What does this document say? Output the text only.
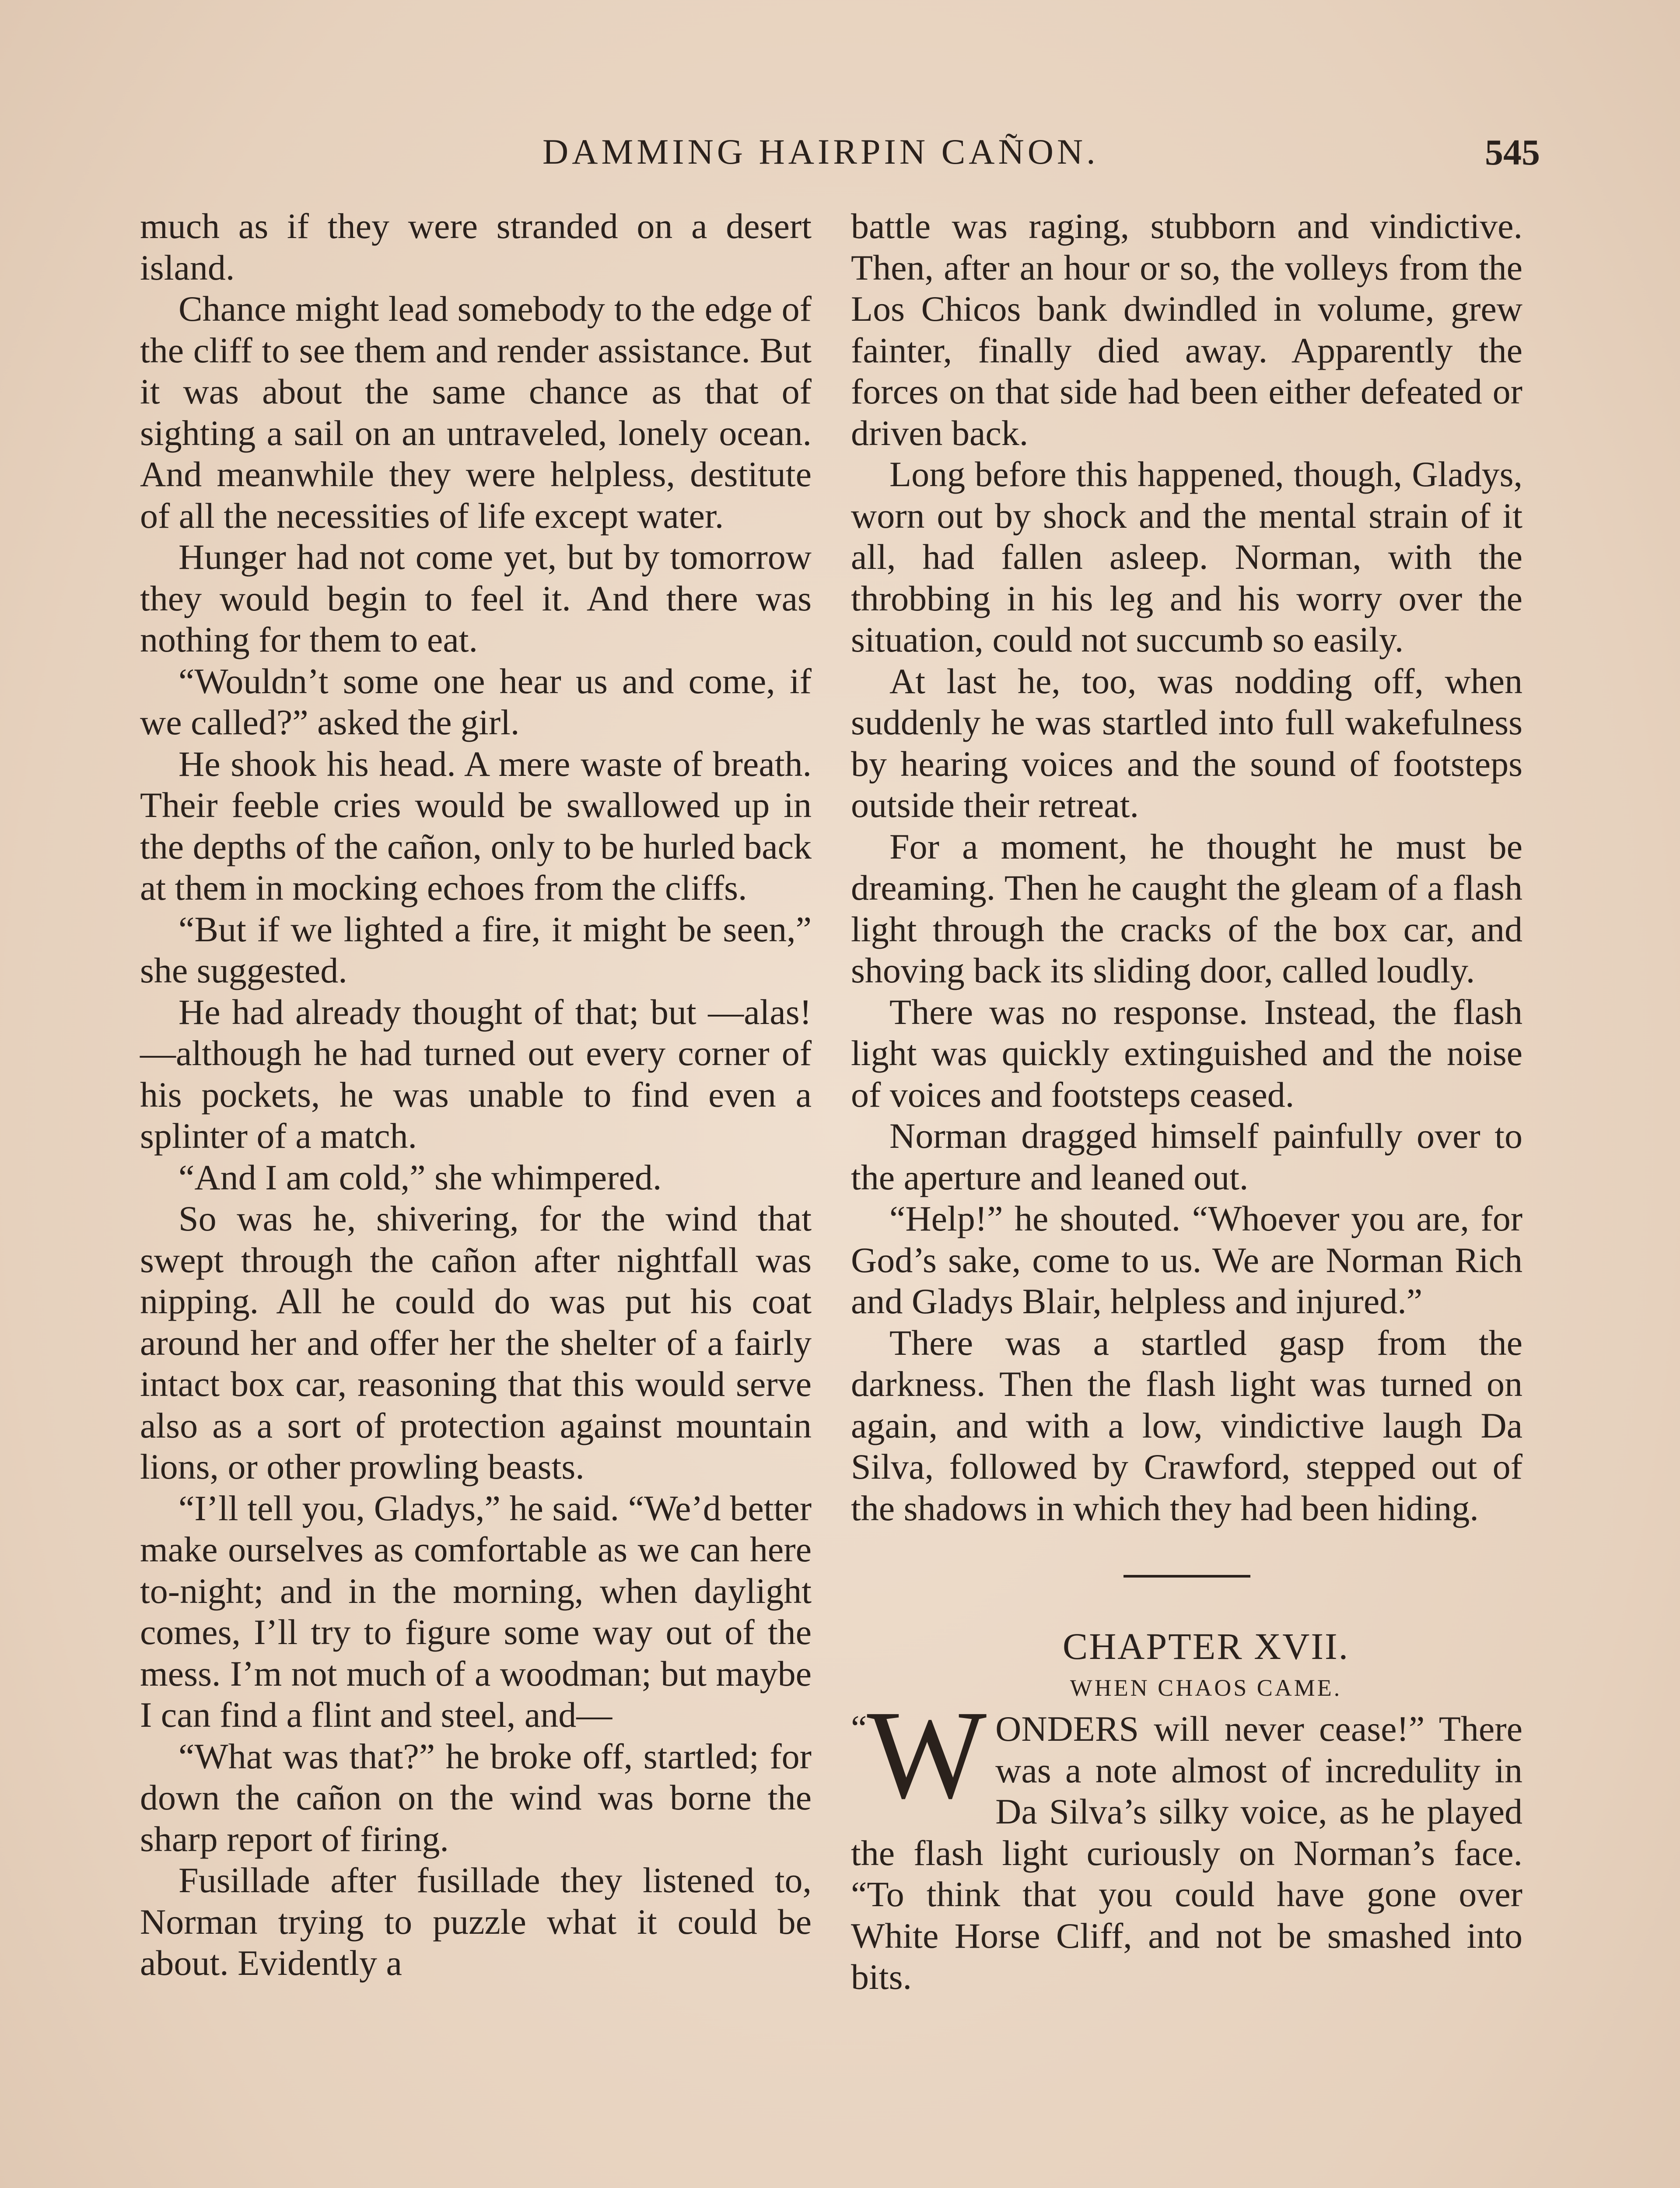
DAMMING HAIRPIN CAÑON.	545

much as if they were stranded on a desert island.

Chance might lead somebody to the edge of the cliff to see them and render assistance. But it was about the same chance as that of sighting a sail on an untraveled, lonely ocean. And meanwhile they were helpless, destitute of all the necessities of life except water.

Hunger had not come yet, but by tomorrow they would begin to feel it. And there was nothing for them to eat.

“Wouldn’t some one hear us and come, if we called?” asked the girl.

He shook his head. A mere waste of breath. Their feeble cries would be swallowed up in the depths of the cañon, only to be hurled back at them in mocking echoes from the cliffs.

“But if we lighted a fire, it might be seen,” she suggested.

He had already thought of that; but —alas!—although he had turned out every corner of his pockets, he was unable to find even a splinter of a match.

“And I am cold,” she whimpered.

So was he, shivering, for the wind that swept through the cañon after nightfall was nipping. All he could do was put his coat around her and offer her the shelter of a fairly intact box car, reasoning that this would serve also as a sort of protection against mountain lions, or other prowling beasts.

“I’ll tell you, Gladys,” he said. “We’d better make ourselves as comfortable as we can here to-night; and in the morning, when daylight comes, I’ll try to figure some way out of the mess. I’m not much of a woodman; but maybe I can find a flint and steel, and—

“What was that?” he broke off, startled; for down the cañon on the wind was borne the sharp report of firing.

Fusillade after fusillade they listened to, Norman trying to puzzle what it could be about. Evidently a

battle was raging, stubborn and vindictive. Then, after an hour or so, the volleys from the Los Chicos bank dwindled in volume, grew fainter, finally died away. Apparently the forces on that side had been either defeated or driven back.

Long before this happened, though, Gladys, worn out by shock and the mental strain of it all, had fallen asleep. Norman, with the throbbing in his leg and his worry over the situation, could not succumb so easily.

At last he, too, was nodding off, when suddenly he was startled into full wakefulness by hearing voices and the sound of footsteps outside their retreat.

For a moment, he thought he must be dreaming. Then he caught the gleam of a flash light through the cracks of the box car, and shoving back its sliding door, called loudly.

There was no response. Instead, the flash light was quickly extinguished and the noise of voices and footsteps ceased.

Norman dragged himself painfully over to the aperture and leaned out.

“Help!” he shouted. “Whoever you are, for God’s sake, come to us. We are Norman Rich and Gladys Blair, helpless and injured.”

There was a startled gasp from the darkness. Then the flash light was turned on again, and with a low, vindictive laugh Da Silva, followed by Crawford, stepped out of the shadows in which they had been hiding.

CHAPTER XVII.

WHEN CHAOS CAME.

“ W ONDERS will never cease!” There was a note almost of incredulity in Da Silva’s silky voice, as he played the flash light curiously on Norman’s face. “To think that you could have gone over White Horse Cliff, and not be smashed into bits.
